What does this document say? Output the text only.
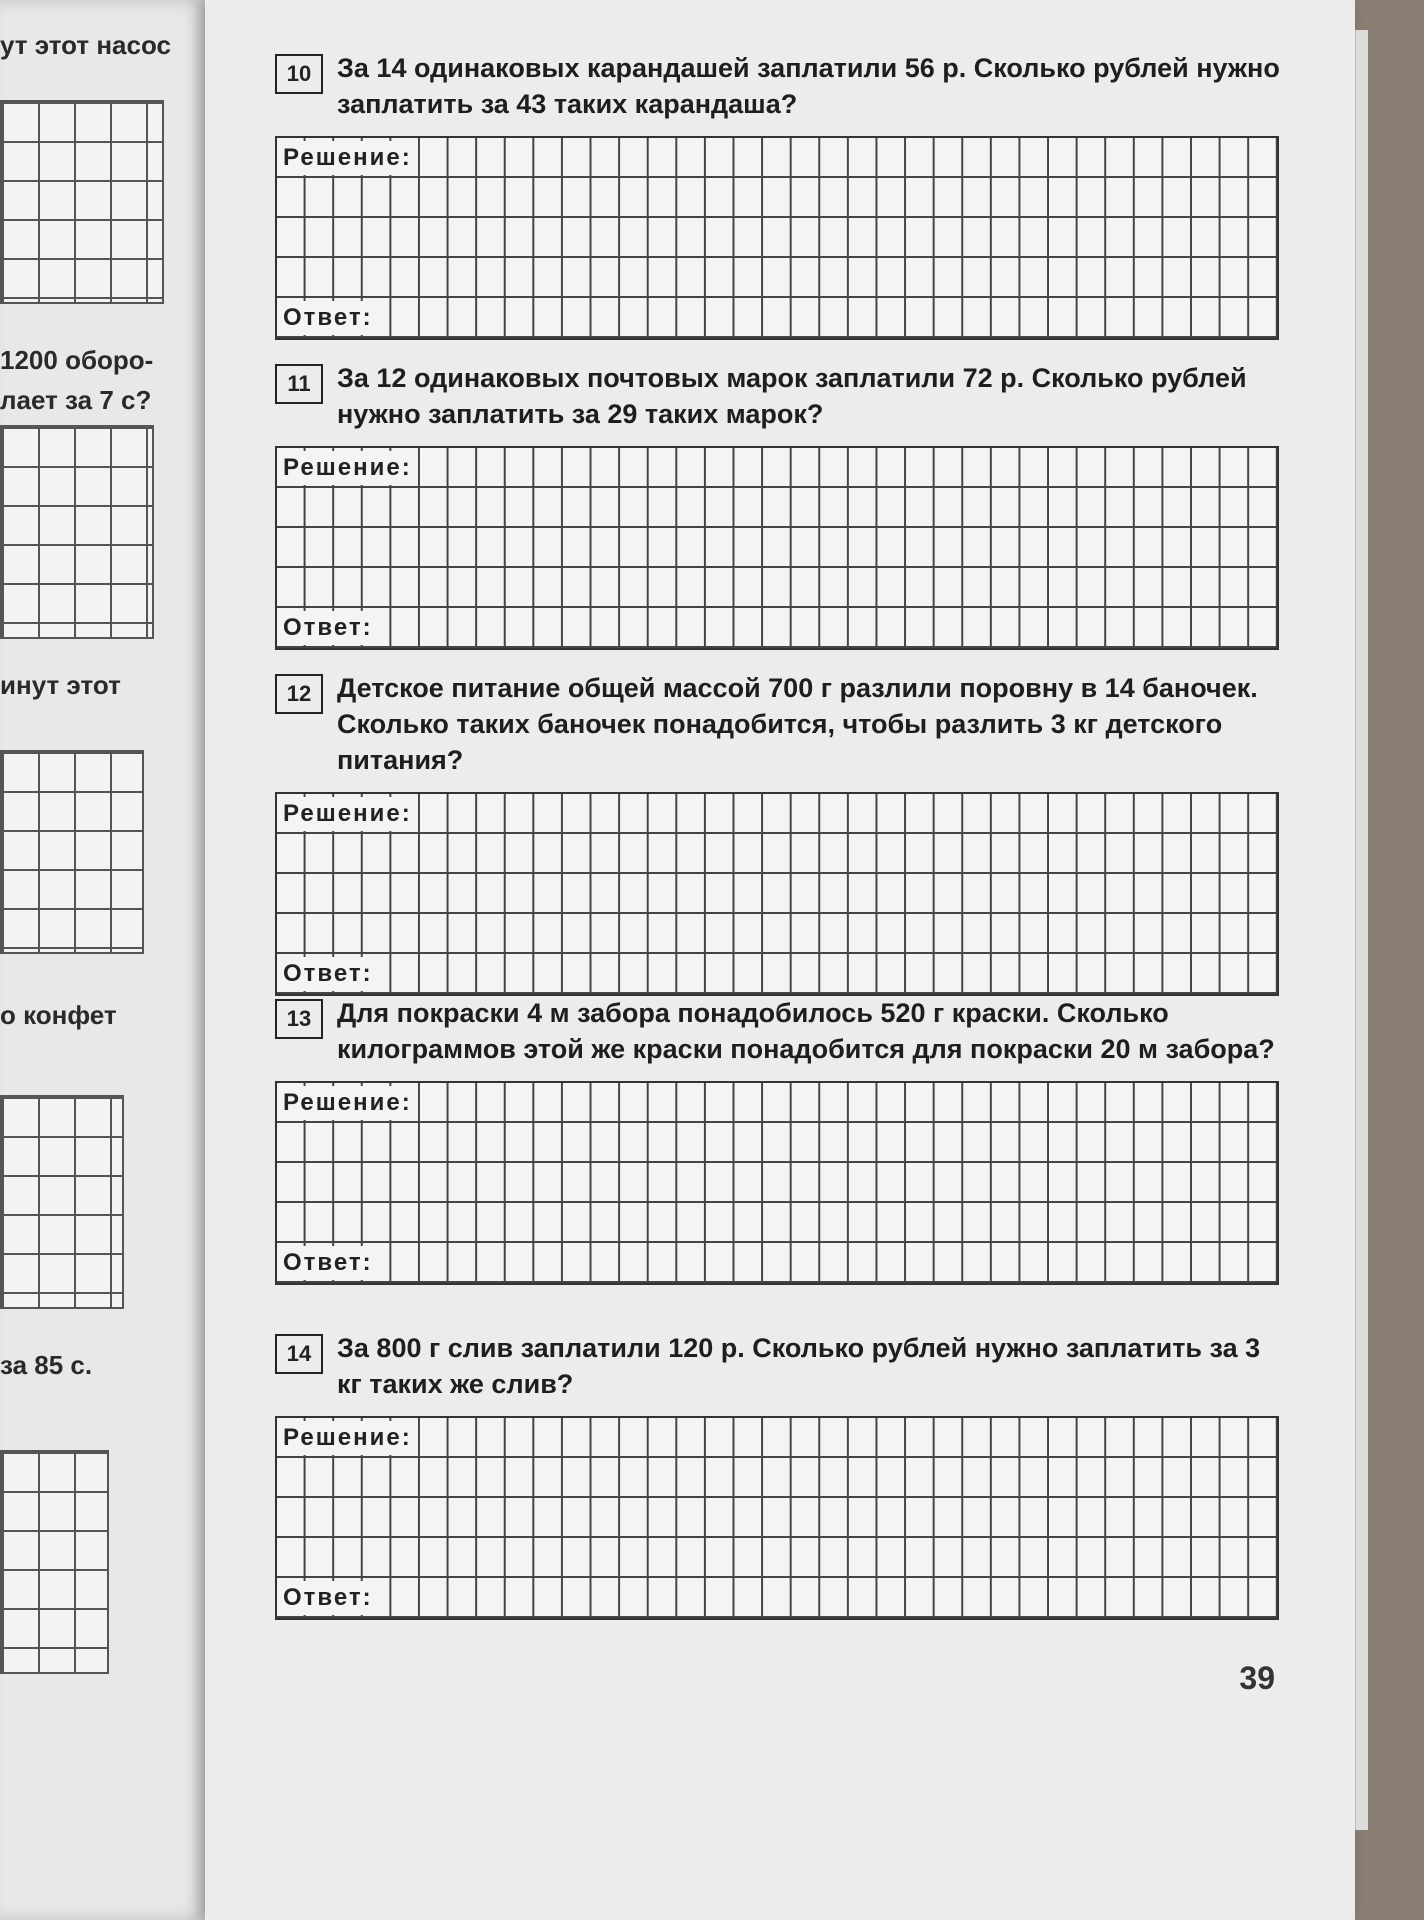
ут этот насос
1200 оборо-
лает за 7 с?
инут этот
о конфет
за 85 с.
10 За 14 одинаковых карандашей заплатили 56 р. Сколько рублей нужно заплатить за 43 таких карандаша?

Решение:
Ответ:
11 За 12 одинаковых почтовых марок заплатили 72 р. Сколько рублей нужно заплатить за 29 таких марок?

Решение:
Ответ:
12 Детское питание общей массой 700 г разлили поровну в 14 баночек. Сколько таких баночек понадобится, чтобы разлить 3 кг детского питания?

Решение:
Ответ:
13 Для покраски 4 м забора понадобилось 520 г краски. Сколько килограммов этой же краски понадобится для покраски 20 м забора?

Решение:
Ответ:
14 За 800 г слив заплатили 120 р. Сколько рублей нужно заплатить за 3 кг таких же слив?

Решение:
Ответ:
39
